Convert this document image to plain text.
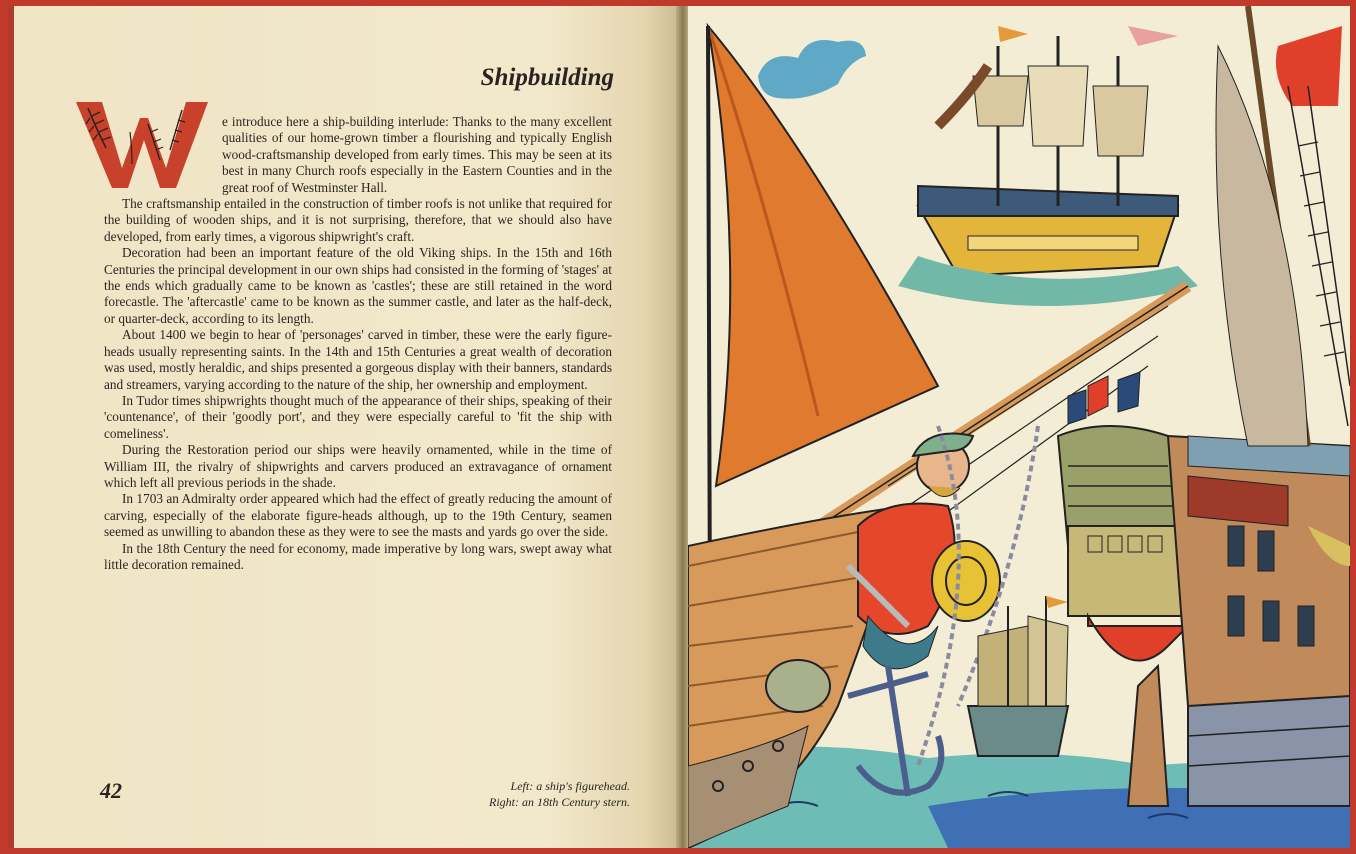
Shipbuilding

e introduce here a ship-building interlude: Thanks to the many excellent qualities of our home-grown timber a flourishing and typically English wood-craftsmanship developed from early times. This may be seen at its best in many Church roofs especially in the Eastern Counties and in the great roof of Westminster Hall.

The craftsmanship entailed in the construction of timber roofs is not unlike that required for the building of wooden ships, and it is not surprising, therefore, that we should also have developed, from early times, a vigorous shipwright's craft.

Decoration had been an important feature of the old Viking ships. In the 15th and 16th Centuries the principal development in our own ships had consisted in the forming of 'stages' at the ends which gradually came to be known as 'castles'; these are still retained in the word forecastle. The 'aftercastle' came to be known as the summer castle, and later as the half-deck, or quarter-deck, according to its length.

About 1400 we begin to hear of 'personages' carved in timber, these were the early figure-heads usually representing saints. In the 14th and 15th Centuries a great wealth of decoration was used, mostly heraldic, and ships presented a gorgeous display with their banners, standards and streamers, varying according to the nature of the ship, her ownership and employment.

In Tudor times shipwrights thought much of the appearance of their ships, speaking of their 'countenance', of their 'goodly port', and they were especially careful to 'fit the ship with comeliness'.

During the Restoration period our ships were heavily ornamented, while in the time of William III, the rivalry of shipwrights and carvers produced an extravagance of ornament which left all previous periods in the shade.

In 1703 an Admiralty order appeared which had the effect of greatly reducing the amount of carving, especially of the elaborate figure-heads although, up to the 19th Century, seamen seemed as unwilling to abandon these as they were to see the masts and yards go over the side.

In the 18th Century the need for economy, made imperative by long wars, swept away what little decoration remained.

42	Left: a ship's figurehead.
Right: an 18th Century stern.
